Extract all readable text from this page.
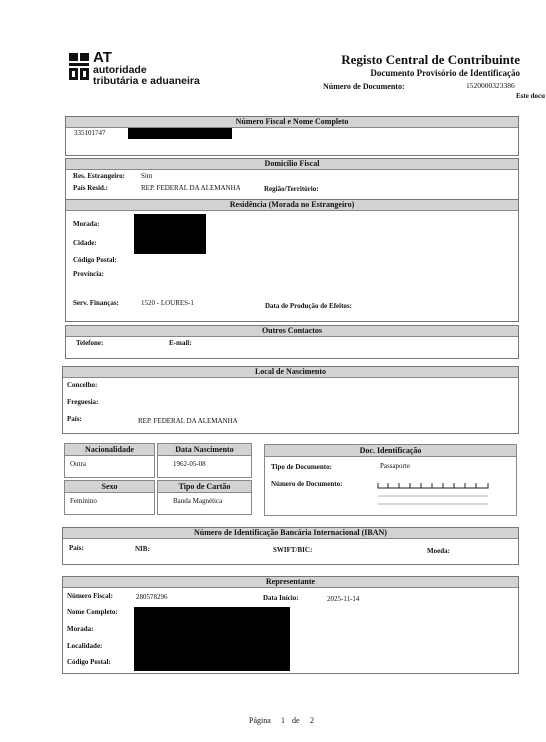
AT
autoridade
tributária e aduaneira
Registo Central de Contribuinte
Documento Provisório de Identificação
Número de Documento:	1520000323386
Este docu
Número Fiscal e Nome Completo
335101747
Domicílio Fiscal
Res. Estrangeiro: Sim
País Resid.:	REP. FEDERAL DA ALEMANHA	Região/Território:
Residência (Morada no Estrangeiro)
Morada:
Cidade:
Código Postal:
Província:
Serv. Finanças:	1520 - LOURES-1	Data de Produção de Efeitos:
Outros Contactos
Telefone:	E-mail:
Local de Nascimento
Concelho:
Freguesia:
País:	REP. FEDERAL DA ALEMANHA
Nacionalidade
Outra
Data Nascimento
1962-05-08
Sexo
Feminino
Tipo de Cartão
Banda Magnética
Doc. Identificação
Tipo de Documento:	Passaporte
Número de Documento:
Número de Identificação Bancária Internacional (IBAN)
País:	NIB:	SWIFT/BIC:	Moeda:
Representante
Número Fiscal:	280578296	Data Início:	2025-11-14
Nome Completo:
Morada:
Localidade:
Código Postal:
Página 1 de 2
